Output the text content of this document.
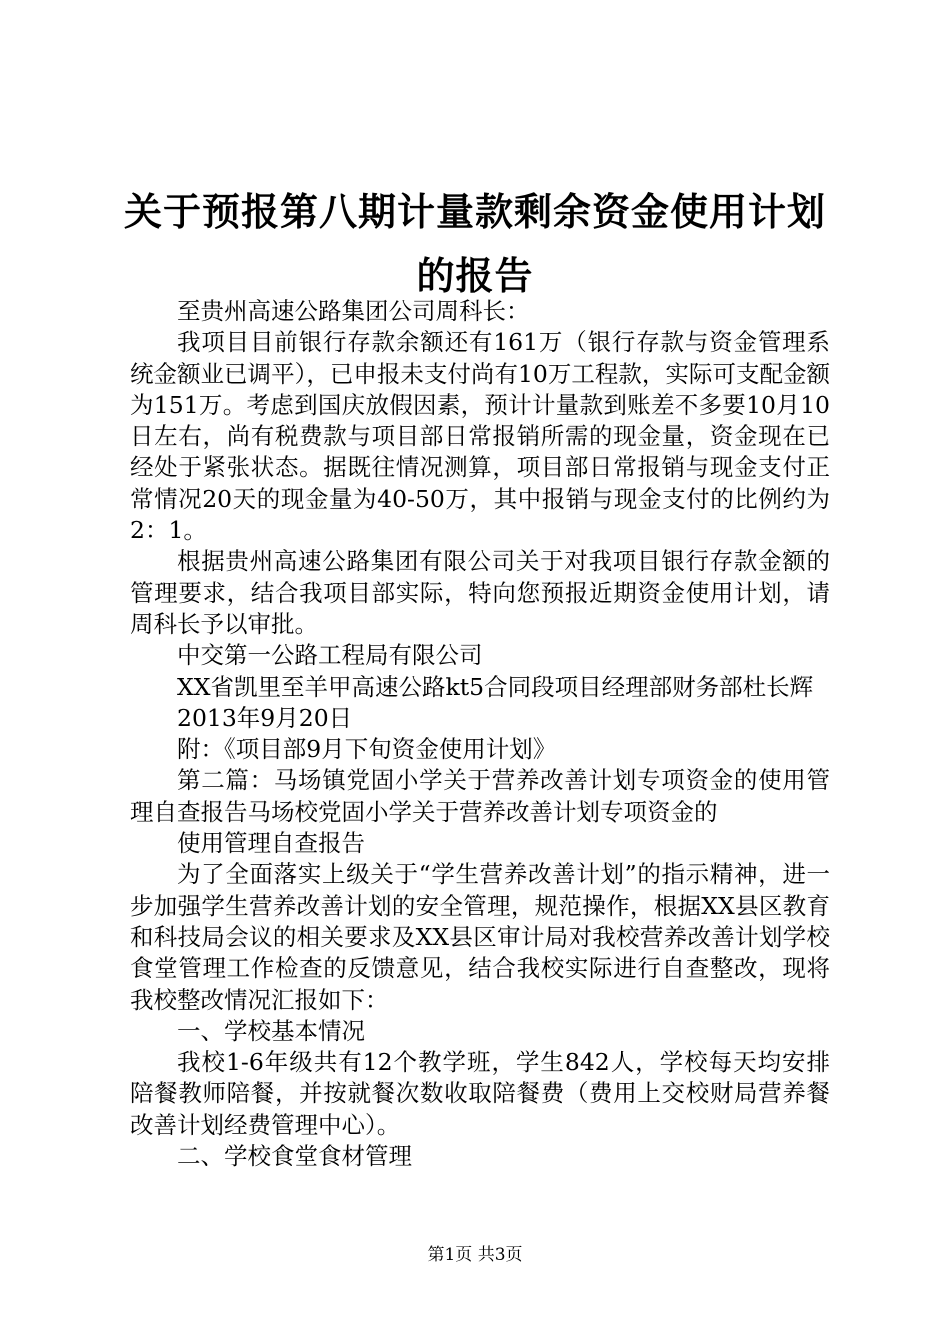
关于预报第八期计量款剩余资金使用计划的报告

至贵州高速公路集团公司周科长：

我项目目前银行存款余额还有161万（银行存款与资金管理系统金额业已调平），已申报未支付尚有10万工程款，实际可支配金额为151万。考虑到国庆放假因素，预计计量款到账差不多要10月10日左右，尚有税费款与项目部日常报销所需的现金量，资金现在已经处于紧张状态。据既往情况测算，项目部日常报销与现金支付正常情况20天的现金量为40-50万，其中报销与现金支付的比例约为2：1。

根据贵州高速公路集团有限公司关于对我项目银行存款金额的管理要求，结合我项目部实际，特向您预报近期资金使用计划，请周科长予以审批。

中交第一公路工程局有限公司

XX省凯里至羊甲高速公路kt5合同段项目经理部财务部杜长辉

2013年9月20日

附：《项目部9月下旬资金使用计划》

第二篇：马场镇党固小学关于营养改善计划专项资金的使用管理自查报告马场校党固小学关于营养改善计划专项资金的

使用管理自查报告

为了全面落实上级关于“学生营养改善计划”的指示精神，进一步加强学生营养改善计划的安全管理，规范操作，根据XX县区教育和科技局会议的相关要求及XX县区审计局对我校营养改善计划学校食堂管理工作检查的反馈意见，结合我校实际进行自查整改，现将我校整改情况汇报如下：

一、学校基本情况

我校1-6年级共有12个教学班，学生842人，学校每天均安排陪餐教师陪餐，并按就餐次数收取陪餐费（费用上交校财局营养餐改善计划经费管理中心）。

二、学校食堂食材管理

第1页 共3页
